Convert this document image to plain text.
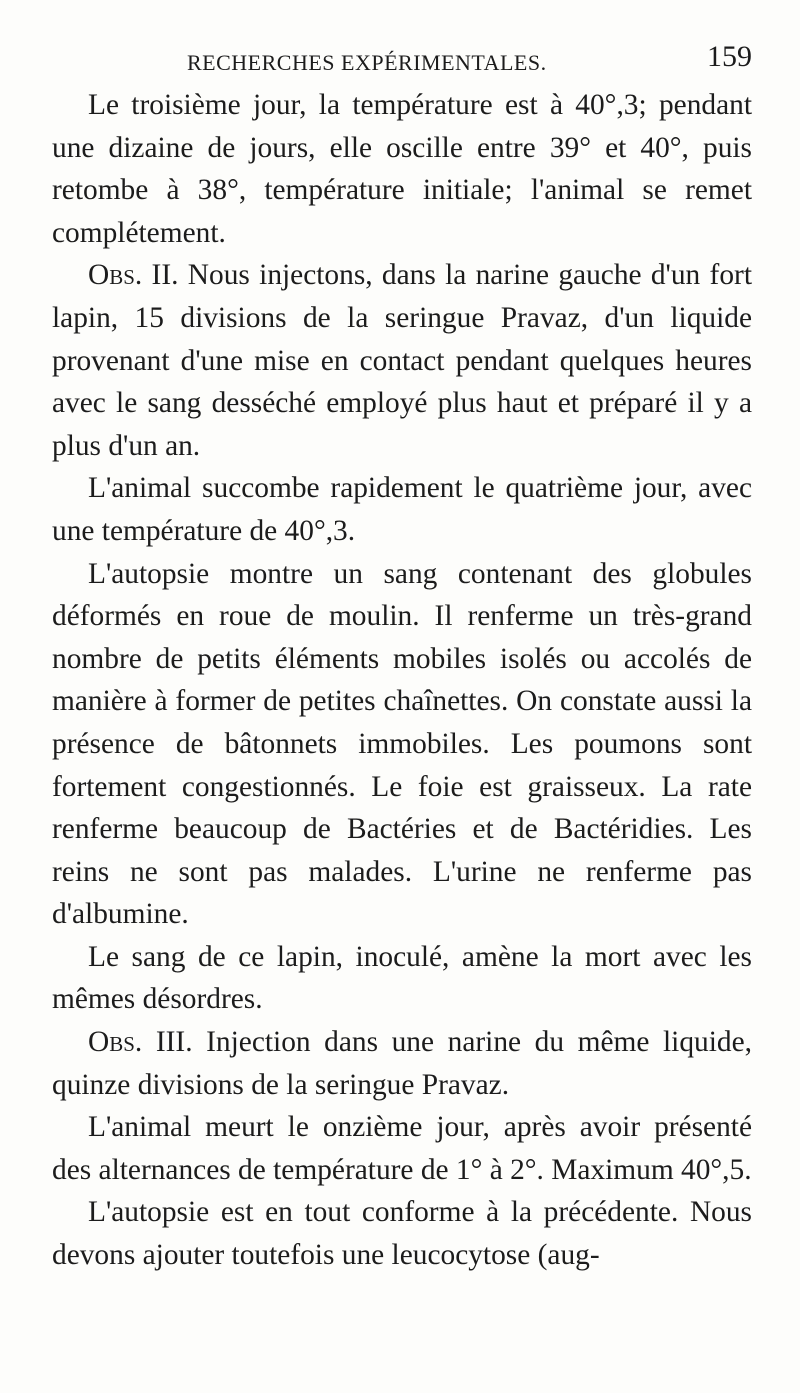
RECHERCHES EXPÉRIMENTALES.	159

Le troisième jour, la température est à 40°,3; pendant une dizaine de jours, elle oscille entre 39° et 40°, puis retombe à 38°, température initiale; l'animal se remet complétement.

Obs. II. Nous injectons, dans la narine gauche d'un fort lapin, 15 divisions de la seringue Pravaz, d'un liquide provenant d'une mise en contact pendant quelques heures avec le sang desséché employé plus haut et préparé il y a plus d'un an.

L'animal succombe rapidement le quatrième jour, avec une température de 40°,3.

L'autopsie montre un sang contenant des globules déformés en roue de moulin. Il renferme un très-grand nombre de petits éléments mobiles isolés ou accolés de manière à former de petites chaînettes. On constate aussi la présence de bâtonnets immobiles. Les poumons sont fortement congestionnés. Le foie est graisseux. La rate renferme beaucoup de Bactéries et de Bactéridies. Les reins ne sont pas malades. L'urine ne renferme pas d'albumine.

Le sang de ce lapin, inoculé, amène la mort avec les mêmes désordres.

Obs. III. Injection dans une narine du même liquide, quinze divisions de la seringue Pravaz.

L'animal meurt le onzième jour, après avoir présenté des alternances de température de 1° à 2°. Maximum 40°,5.

L'autopsie est en tout conforme à la précédente. Nous devons ajouter toutefois une leucocytose (aug-
